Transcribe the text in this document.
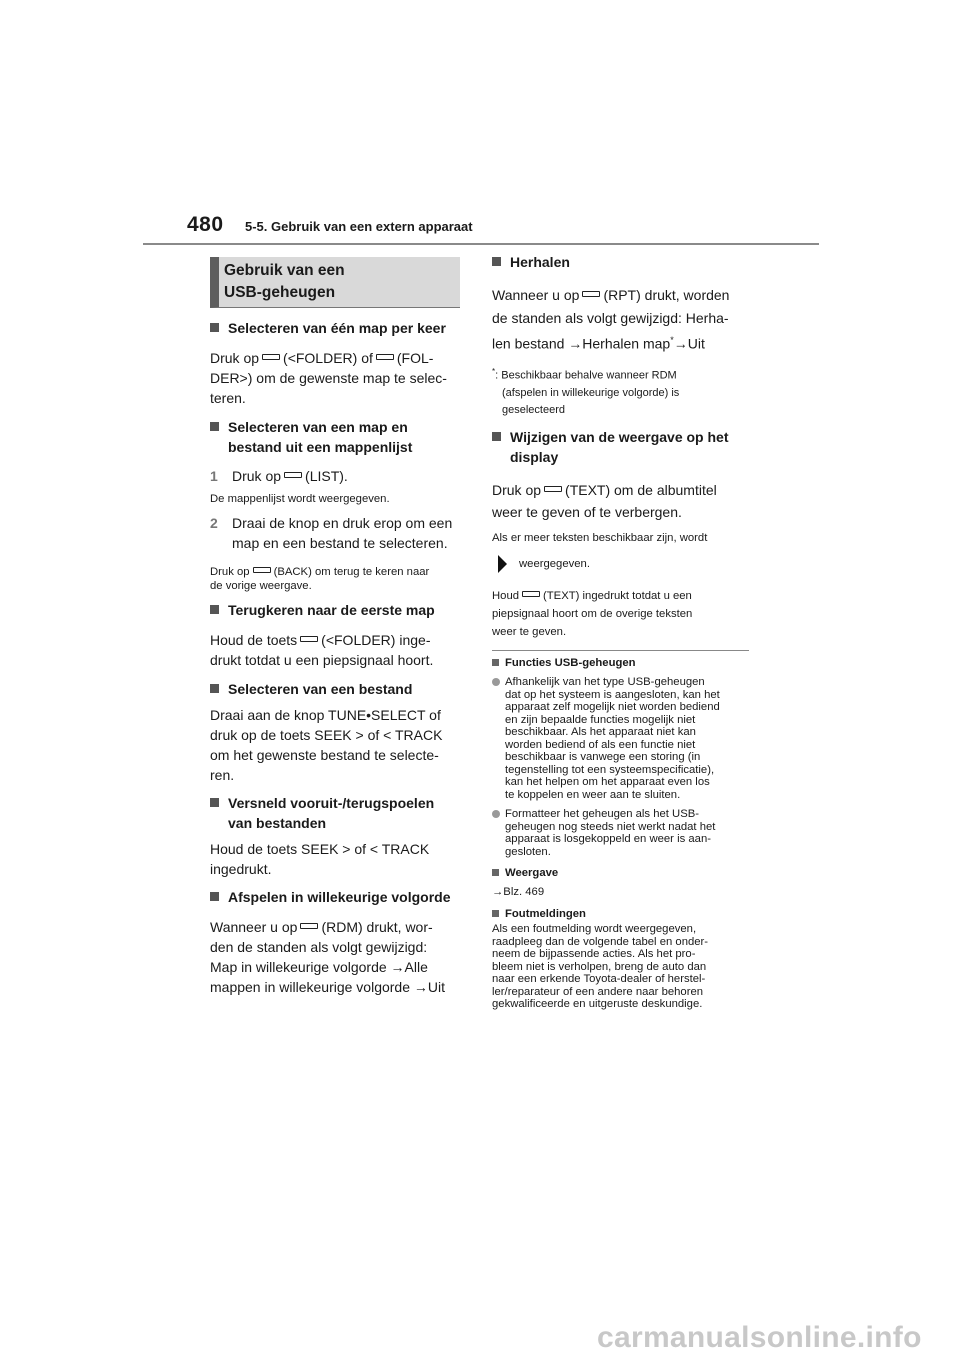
480 5-5. Gebruik van een extern apparaat
Gebruik van een
USB-geheugen

Selecteren van één map per keer

Druk op (<FOLDER) of (FOL-
DER>) om de gewenste map te selec-
teren.

Selecteren van een map en
bestand uit een mappenlijst

1 Druk op (LIST).

De mappenlijst wordt weergegeven.

2 Draai de knop en druk erop om een
map en een bestand te selecteren.

Druk op (BACK) om terug te keren naar
de vorige weergave.

Terugkeren naar de eerste map

Houd de toets (<FOLDER) inge-
drukt totdat u een piepsignaal hoort.

Selecteren van een bestand

Draai aan de knop TUNE•SELECT of
druk op de toets SEEK > of < TRACK
om het gewenste bestand te selecte-
ren.

Versneld vooruit-/terugspoelen
van bestanden

Houd de toets SEEK > of < TRACK
ingedrukt.

Afspelen in willekeurige volgorde

Wanneer u op (RDM) drukt, wor-
den de standen als volgt gewijzigd:
Map in willekeurige volgorde →Alle
mappen in willekeurige volgorde →Uit

Herhalen

Wanneer u op (RPT) drukt, worden
de standen als volgt gewijzigd: Herha-
len bestand →Herhalen map*→Uit

*: Beschikbaar behalve wanneer RDM
(afspelen in willekeurige volgorde) is
geselecteerd

Wijzigen van de weergave op het
display

Druk op (TEXT) om de albumtitel
weer te geven of te verbergen.

Als er meer teksten beschikbaar zijn, wordt

weergegeven.

Houd (TEXT) ingedrukt totdat u een
piepsignaal hoort om de overige teksten
weer te geven.

Functies USB-geheugen

Afhankelijk van het type USB-geheugen
dat op het systeem is aangesloten, kan het
apparaat zelf mogelijk niet worden bediend
en zijn bepaalde functies mogelijk niet
beschikbaar. Als het apparaat niet kan
worden bediend of als een functie niet
beschikbaar is vanwege een storing (in
tegenstelling tot een systeemspecificatie),
kan het helpen om het apparaat even los
te koppelen en weer aan te sluiten.

Formatteer het geheugen als het USB-
geheugen nog steeds niet werkt nadat het
apparaat is losgekoppeld en weer is aan-
gesloten.

Weergave

→Blz. 469

Foutmeldingen

Als een foutmelding wordt weergegeven,
raadpleeg dan de volgende tabel en onder-
neem de bijpassende acties. Als het pro-
bleem niet is verholpen, breng de auto dan
naar een erkende Toyota-dealer of herstel-
ler/reparateur of een andere naar behoren
gekwalificeerde en uitgeruste deskundige.

carmanualsonline.info
